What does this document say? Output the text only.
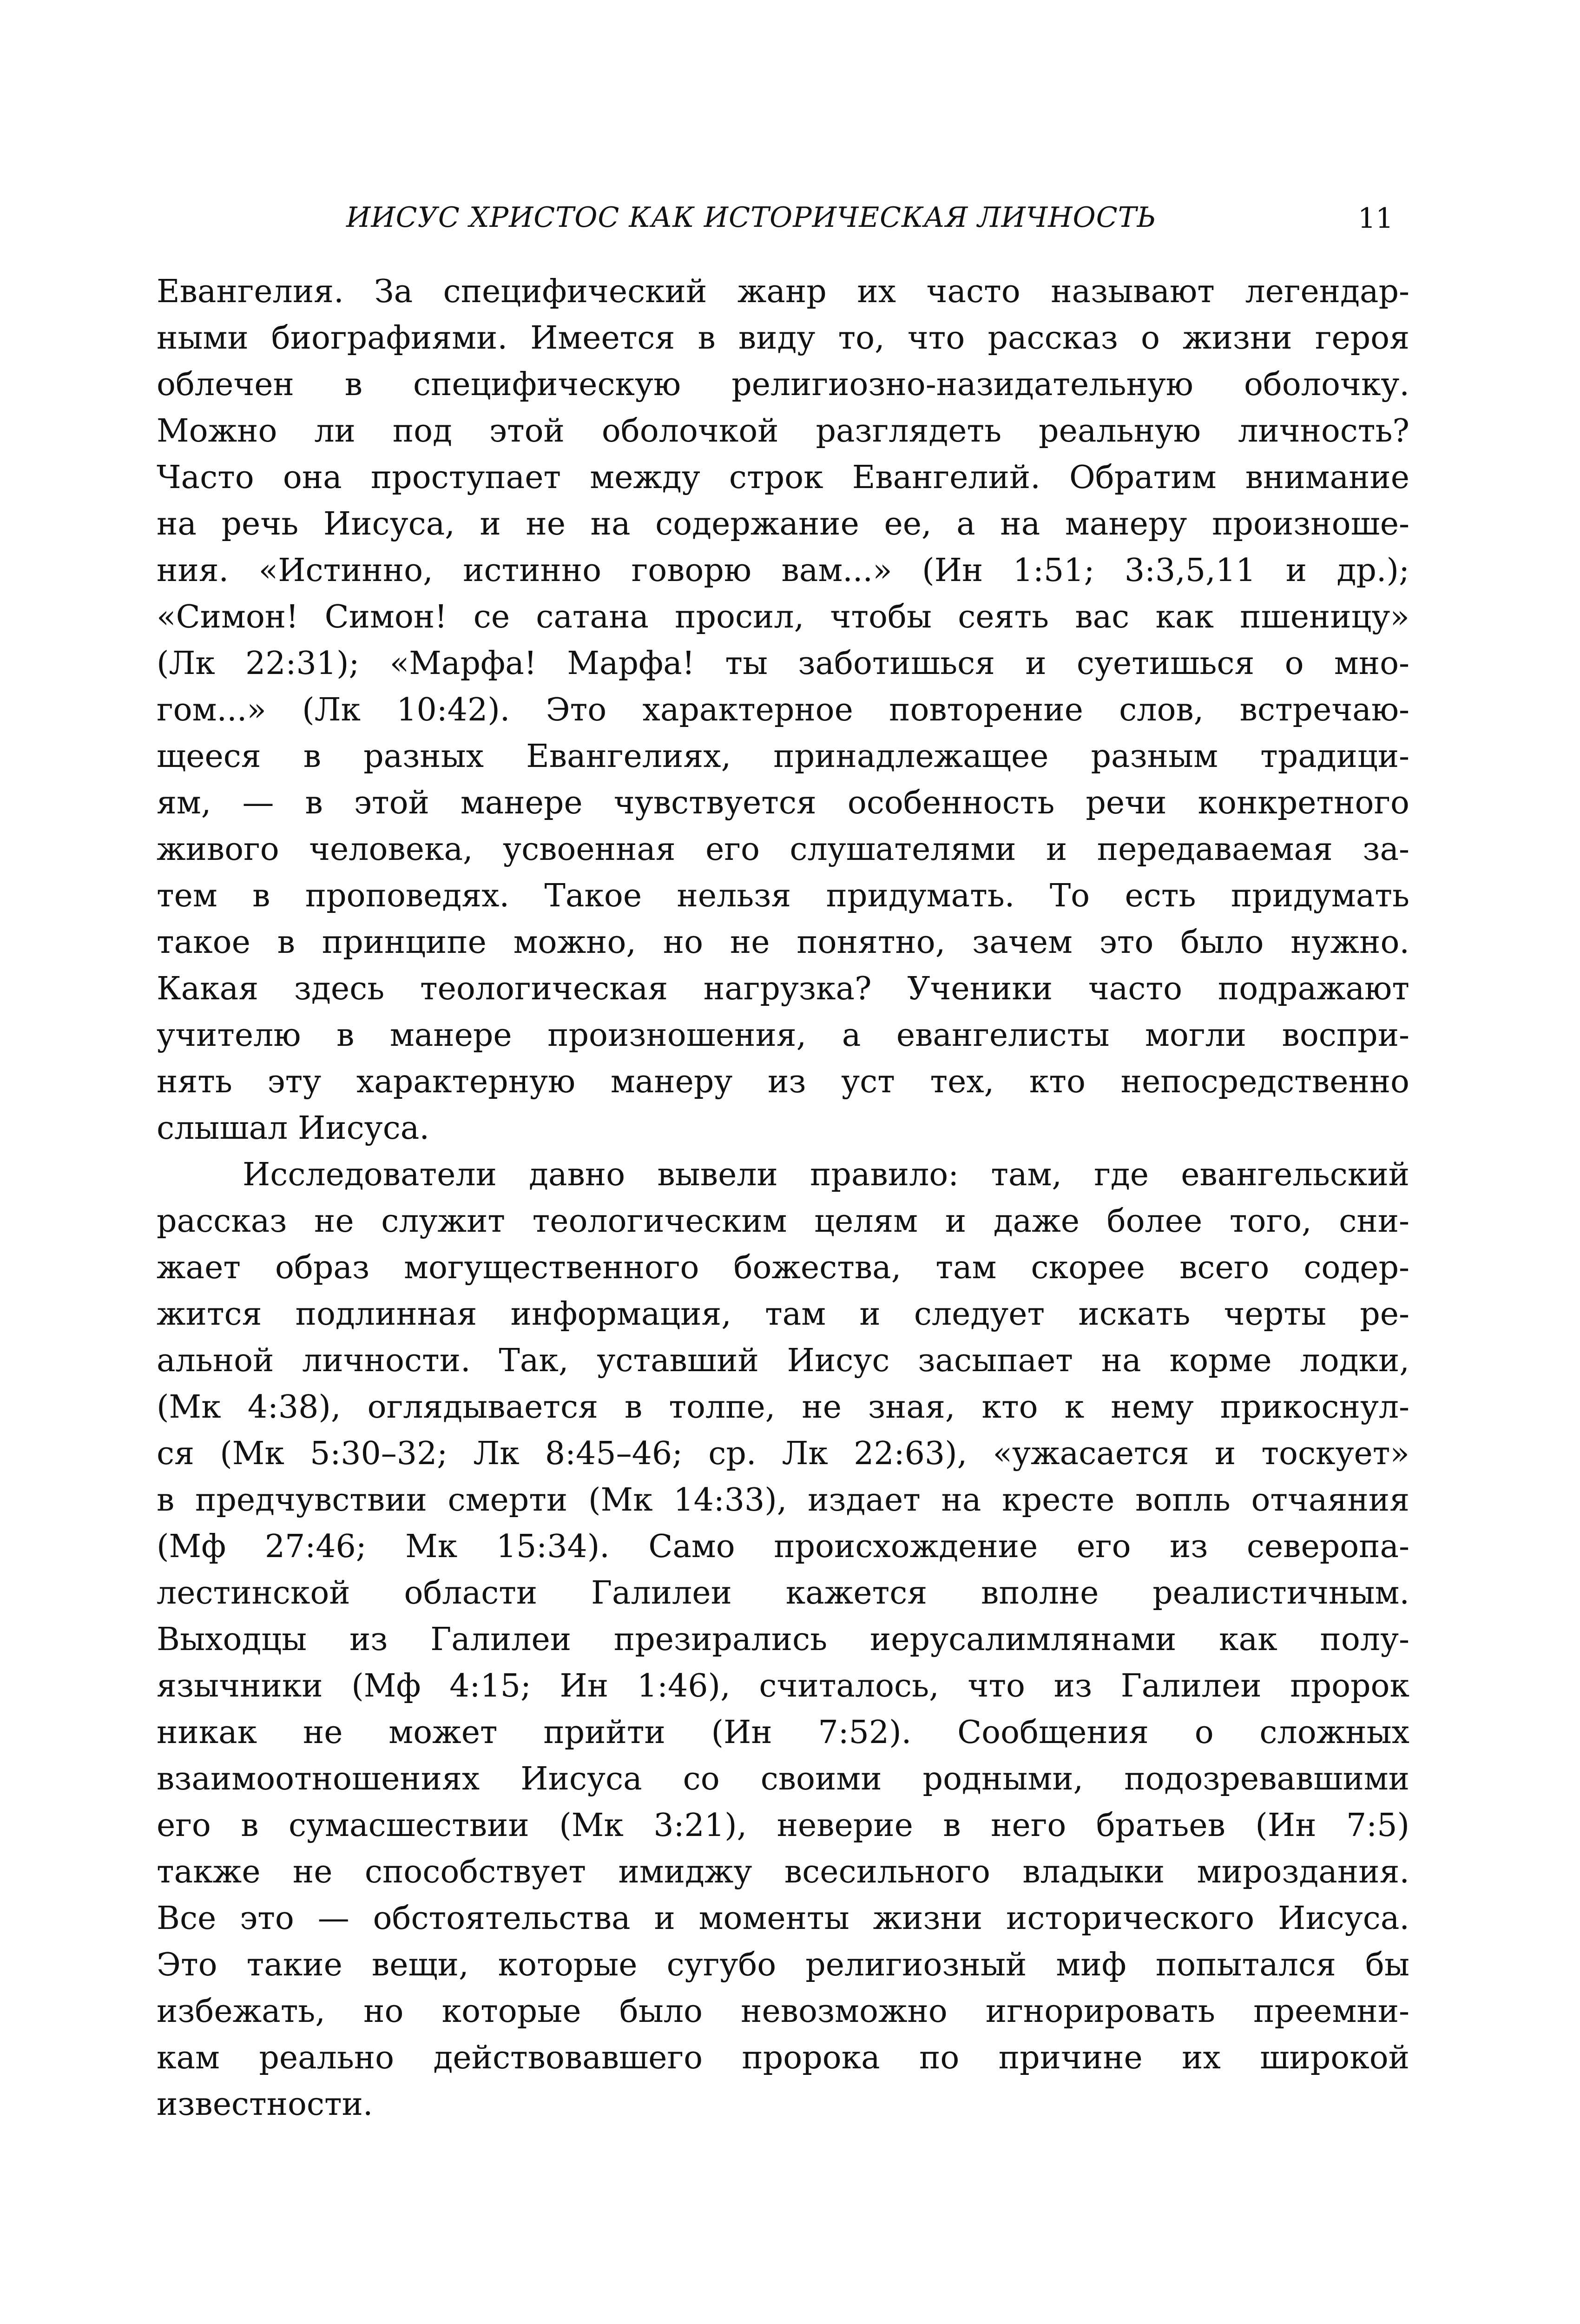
ИИСУС ХРИСТОС КАК ИСТОРИЧЕСКАЯ ЛИЧНОСТЬ	11
Евангелия. За специфический жанр их часто называют легендар-
ными биографиями. Имеется в виду то, что рассказ о жизни героя
облечен в специфическую религиозно-назидательную оболочку.
Можно ли под этой оболочкой разглядеть реальную личность?
Часто она проступает между строк Евангелий. Обратим внимание
на речь Иисуса, и не на содержание ее, а на манеру произноше-
ния. «Истинно, истинно говорю вам...» (Ин 1:51; 3:3,5,11 и др.);
«Симон! Симон! се сатана просил, чтобы сеять вас как пшеницу»
(Лк 22:31); «Марфа! Марфа! ты заботишься и суетишься о мно-
гом...» (Лк 10:42). Это характерное повторение слов, встречаю-
щееся в разных Евангелиях, принадлежащее разным традици-
ям, — в этой манере чувствуется особенность речи конкретного
живого человека, усвоенная его слушателями и передаваемая за-
тем в проповедях. Такое нельзя придумать. То есть придумать
такое в принципе можно, но не понятно, зачем это было нужно.
Какая здесь теологическая нагрузка? Ученики часто подражают
учителю в манере произношения, а евангелисты могли воспри-
нять эту характерную манеру из уст тех, кто непосредственно
слышал Иисуса.
Исследователи давно вывели правило: там, где евангельский
рассказ не служит теологическим целям и даже более того, сни-
жает образ могущественного божества, там скорее всего содер-
жится подлинная информация, там и следует искать черты ре-
альной личности. Так, уставший Иисус засыпает на корме лодки,
(Мк 4:38), оглядывается в толпе, не зная, кто к нему прикоснул-
ся (Мк 5:30–32; Лк 8:45–46; ср. Лк 22:63), «ужасается и тоскует»
в предчувствии смерти (Мк 14:33), издает на кресте вопль отчаяния
(Мф 27:46; Мк 15:34). Само происхождение его из северопа-
лестинской области Галилеи кажется вполне реалистичным.
Выходцы из Галилеи презирались иерусалимлянами как полу-
язычники (Мф 4:15; Ин 1:46), считалось, что из Галилеи пророк
никак не может прийти (Ин 7:52). Сообщения о сложных
взаимоотношениях Иисуса со своими родными, подозревавшими
его в сумасшествии (Мк 3:21), неверие в него братьев (Ин 7:5)
также не способствует имиджу всесильного владыки мироздания.
Все это — обстоятельства и моменты жизни исторического Иисуса.
Это такие вещи, которые сугубо религиозный миф попытался бы
избежать, но которые было невозможно игнорировать преемни-
кам реально действовавшего пророка по причине их широкой
известности.
